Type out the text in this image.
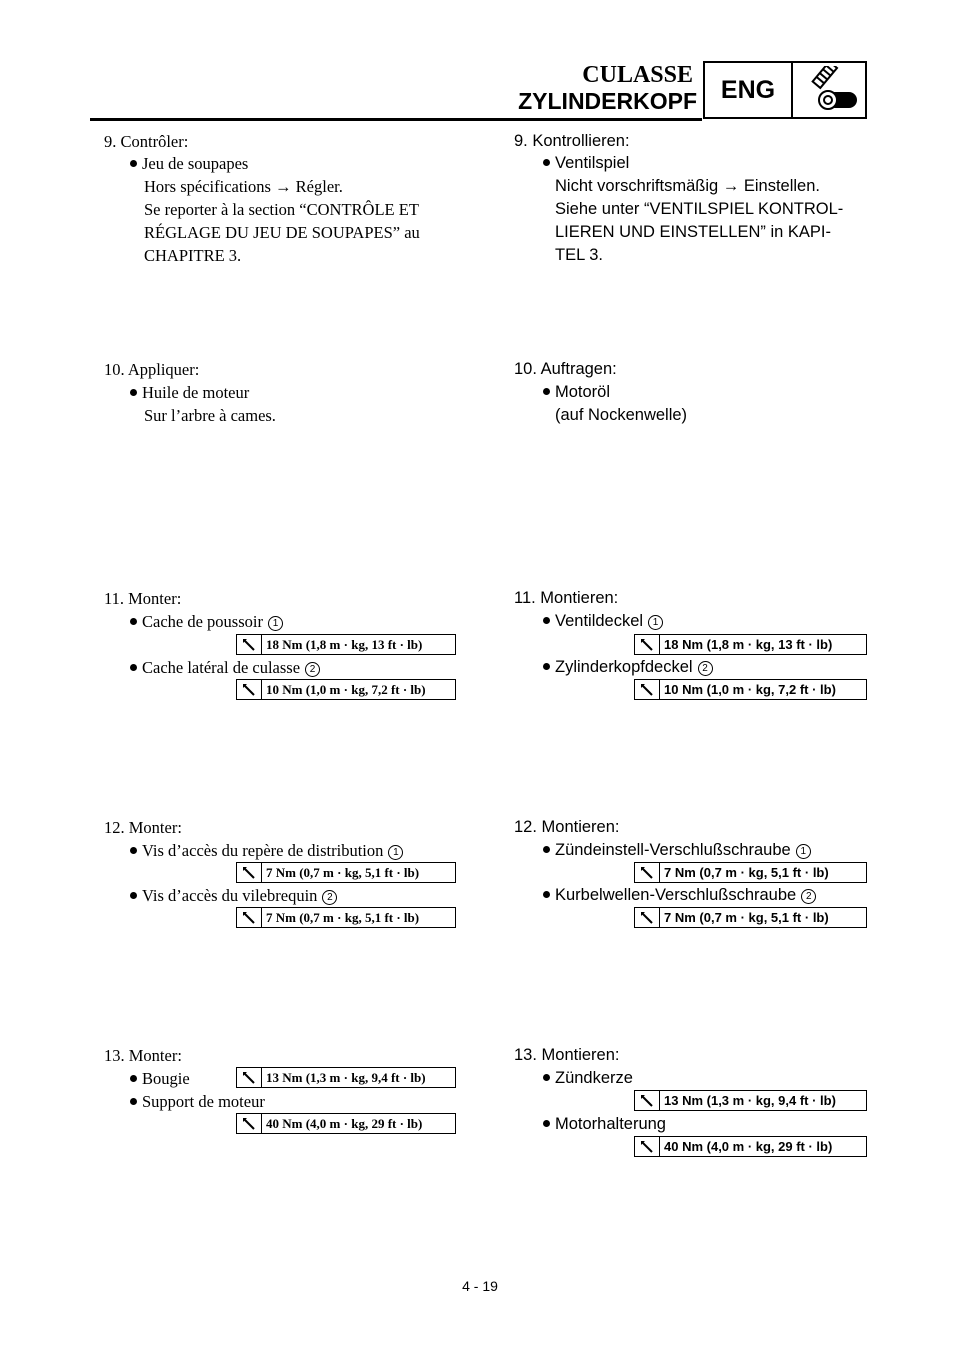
CULASSE
ZYLINDERKOPF ENG
9. Contrôler:
Jeu de soupapes
Hors spécifications → Régler.
Se reporter à la section “CONTRÔLE ET
RÉGLAGE DU JEU DE SOUPAPES” au
CHAPITRE 3.
10. Appliquer:
Huile de moteur
Sur l’arbre à cames.
11. Monter:
Cache de poussoir 1
18 Nm (1,8 m · kg, 13 ft · lb)
Cache latéral de culasse 2
10 Nm (1,0 m · kg, 7,2 ft · lb)
12. Monter:
Vis d’accès du repère de distribution 1
7 Nm (0,7 m · kg, 5,1 ft · lb)
Vis d’accès du vilebrequin 2
7 Nm (0,7 m · kg, 5,1 ft · lb)
13. Monter:
Bougie	13 Nm (1,3 m · kg, 9,4 ft · lb)
Support de moteur
40 Nm (4,0 m · kg, 29 ft · lb)
9. Kontrollieren:
Ventilspiel
Nicht vorschriftsmäßig → Einstellen.
Siehe unter “VENTILSPIEL KONTROL-
LIEREN UND EINSTELLEN” in KAPI-
TEL 3.
10. Auftragen:
Motoröl
(auf Nockenwelle)
11. Montieren:
Ventildeckel 1
18 Nm (1,8 m · kg, 13 ft · lb)
Zylinderkopfdeckel 2
10 Nm (1,0 m · kg, 7,2 ft · lb)
12. Montieren:
Zündeinstell-Verschlußschraube 1
7 Nm (0,7 m · kg, 5,1 ft · lb)
Kurbelwellen-Verschlußschraube 2
7 Nm (0,7 m · kg, 5,1 ft · lb)
13. Montieren:
Zündkerze
13 Nm (1,3 m · kg, 9,4 ft · lb)
Motorhalterung
40 Nm (4,0 m · kg, 29 ft · lb)
4 - 19
